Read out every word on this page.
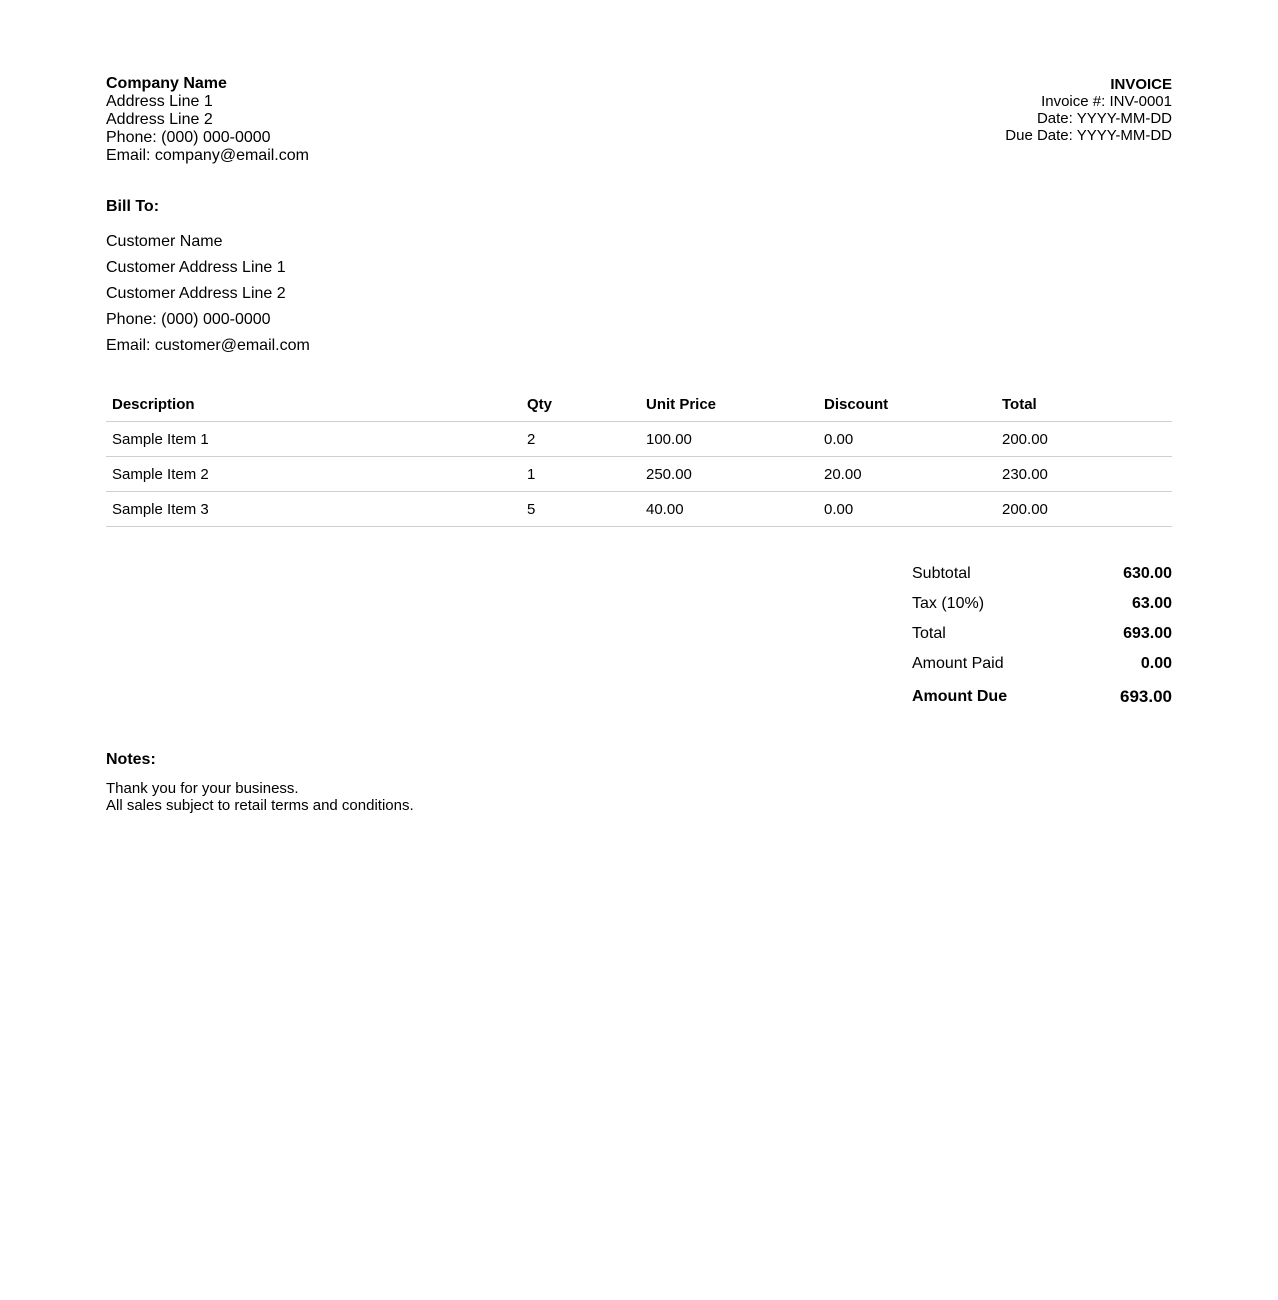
Company Name
Address Line 1
Address Line 2
Phone: (000) 000-0000
Email: company@email.com
INVOICE
Invoice #: INV-0001
Date: YYYY-MM-DD
Due Date: YYYY-MM-DD
Bill To:
Customer Name
Customer Address Line 1
Customer Address Line 2
Phone: (000) 000-0000
Email: customer@email.com
Description	Qty	Unit Price	Discount	Total
Sample Item 1	2	100.00	0.00	200.00
Sample Item 2	1	250.00	20.00	230.00
Sample Item 3	5	40.00	0.00	200.00
Subtotal	630.00
Tax (10%)	63.00
Total	693.00
Amount Paid	0.00
Amount Due	693.00
Notes:
Thank you for your business.
All sales subject to retail terms and conditions.
